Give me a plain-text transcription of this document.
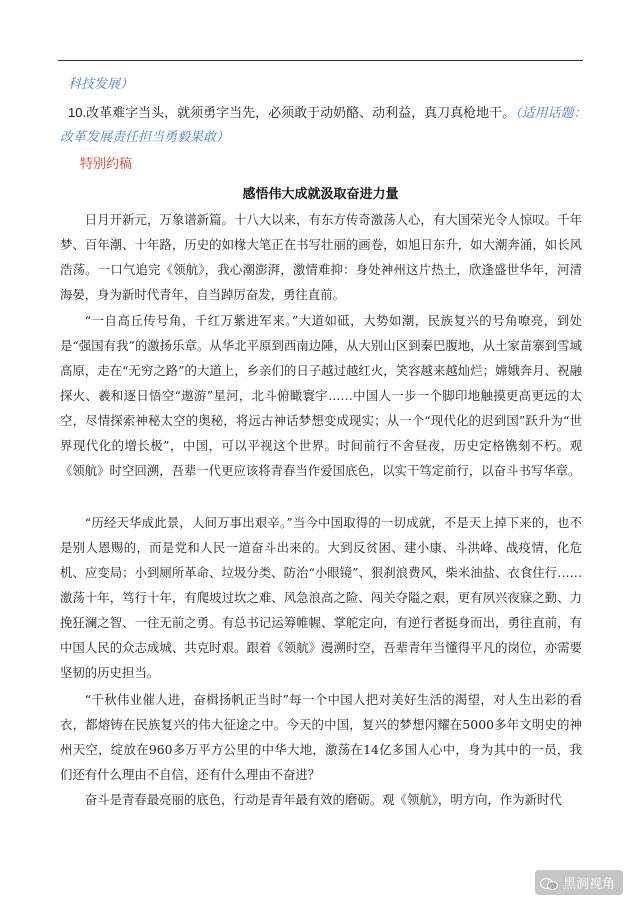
科技发展）
10.改革难字当头，就须勇字当先，必须敢于动奶酪、动利益，真刀真枪地干。（适用话题：
改革发展责任担当勇毅果敢）
特别约稿
感悟伟大成就汲取奋进力量
日月开新元，万象谱新篇。十八大以来，有东方传奇激荡人心，有大国荣光令人惊叹。千年梦、百年潮、十年路，历史的如椽大笔正在书写壮丽的画卷，如旭日东升，如大潮奔涌，如长风浩荡。一口气追完《领航》，我心潮澎湃，激情难抑：身处神州这片热土，欣逢盛世华年，河清海晏，身为新时代青年，自当踔厉奋发，勇往直前。
“一自高丘传号角，千红万紫进军来。”大道如砥，大势如潮，民族复兴的号角嘹亮，到处是“强国有我”的激扬乐章。从华北平原到西南边陲，从大别山区到秦巴腹地，从土家苗寨到雪域高原，走在“无穷之路”的大道上，乡亲们的日子越过越红火，笑容越来越灿烂；嫦娥奔月、祝融探火、羲和逐日悟空“遨游”星河，北斗俯瞰寰宇……中国人一步一个脚印地触摸更高更远的太空，尽情探索神秘太空的奥秘，将远古神话梦想变成现实；从一个“现代化的迟到国”跃升为“世界现代化的增长极”，中国，可以平视这个世界。时间前行不舍昼夜，历史定格镌刻不朽。观《领航》时空回溯，吾辈一代更应该将青春当作爱国底色，以实干笃定前行，以奋斗书写华章。
“历经天华成此景，人间万事出艰辛。”当今中国取得的一切成就，不是天上掉下来的，也不是别人恩赐的，而是党和人民一道奋斗出来的。大到反贫困、建小康、斗洪峰、战疫情，化危机、应变局；小到厕所革命、垃圾分类、防治“小眼镜”、狠刹浪费风，柴米油盐、衣食住行……激荡十年，笃行十年，有爬坡过坎之难、风急浪高之险、闯关夺隘之艰，更有夙兴夜寐之勤、力挽狂澜之智、一往无前之勇。有总书记运筹帷幄、掌舵定向，有逆行者挺身而出，勇往直前，有中国人民的众志成城、共克时艰。跟着《领航》漫溯时空，吾辈青年当懂得平凡的岗位，亦需要坚韧的历史担当。
“千秋伟业催人进，奋楫扬帆正当时”每一个中国人把对美好生活的渴望，对人生出彩的看衣，都熔铸在民族复兴的伟大征途之中。今天的中国，复兴的梦想闪耀在5000多年文明史的神州天空，绽放在960多万平方公里的中华大地，激荡在14亿多国人心中，身为其中的一员，我们还有什么理由不自信，还有什么理由不奋进？
奋斗是青春最亮丽的底色，行动是青年最有效的磨砺。观《领航》，明方向，作为新时代
黑洞视角
